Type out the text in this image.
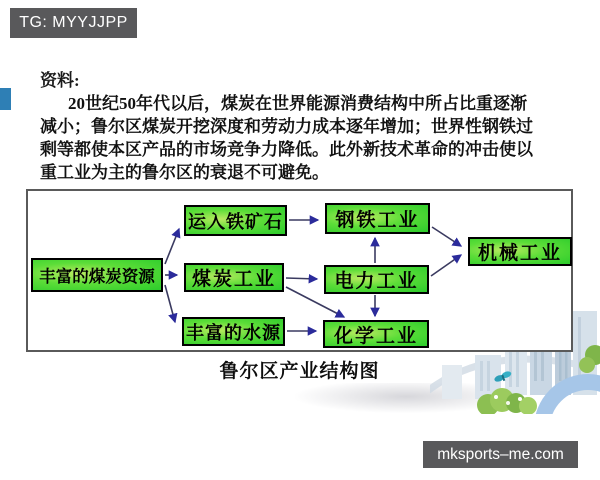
TG: MYYJJPP
mksports–me.com
资料:
20世纪50年代以后，煤炭在世界能源消费结构中所占比重逐渐
减小；鲁尔区煤炭开挖深度和劳动力成本逐年增加；世界性钢铁过
剩等都使本区产品的市场竞争力降低。此外新技术革命的冲击使以
重工业为主的鲁尔区的衰退不可避免。
丰富的煤炭资源
运入铁矿石
煤炭工业
丰富的水源
钢铁工业
电力工业
化学工业
机械工业
鲁尔区产业结构图
